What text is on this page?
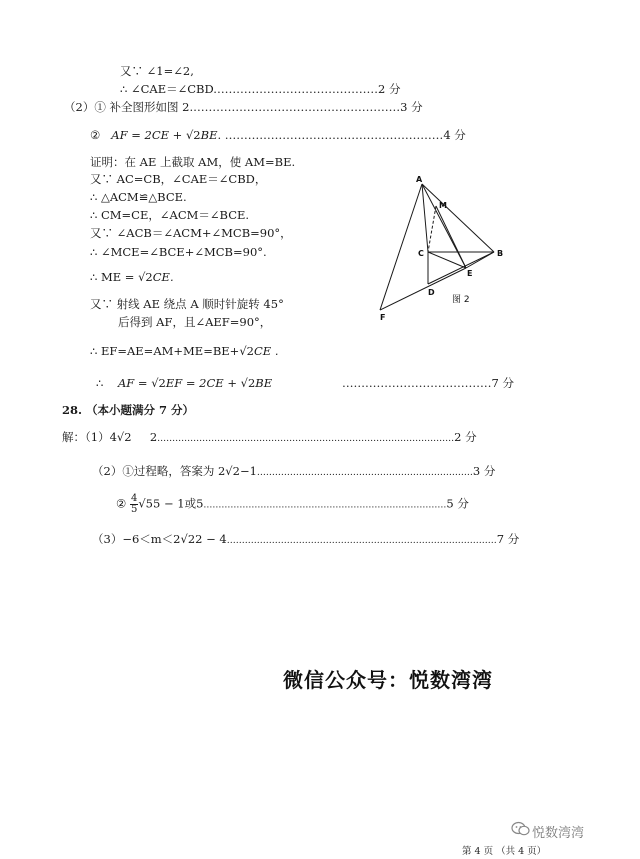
又∵ ∠1=∠2,
∴ ∠CAE＝∠CBD.……………………………………2 分
（2）① 补全图形如图 2.………………………………………………3 分
② AF = 2CE + √2BE. …………………………………………………4 分
证明：在 AE 上截取 AM，使 AM=BE.
又∵ AC=CB，∠CAE＝∠CBD，
∴ △ACM≌△BCE.
∴ CM=CE，∠ACM＝∠BCE.
又∵ ∠ACB＝∠ACM+∠MCB=90°，
∴ ∠MCE=∠BCE+∠MCB=90°.
∴ ME = √2CE.
又∵ 射线 AE 绕点 A 顺时针旋转 45°
后得到 AF，且∠AEF=90°，
∴ EF=AE=AM+ME=BE+√2CE .
∴ AF = √2EF = 2CE + √2BE	…………………………………7 分
A
M
C	B
E
D
F
图 2
28. （本小题满分 7 分）
解：（1）4√2 2………………………………………………………………………………………2 分
（2）①过程略，答案为 2√2−1………………………………………………………………3 分
② $\frac{4}{5} √55 - 1$或5………………………………………………………………………5 分
（3）−6＜m＜2√22 − 4………………………………………………………………………………7 分
微信公众号：悦数湾湾
悦数湾湾
第 4 页 （共 4 页）
